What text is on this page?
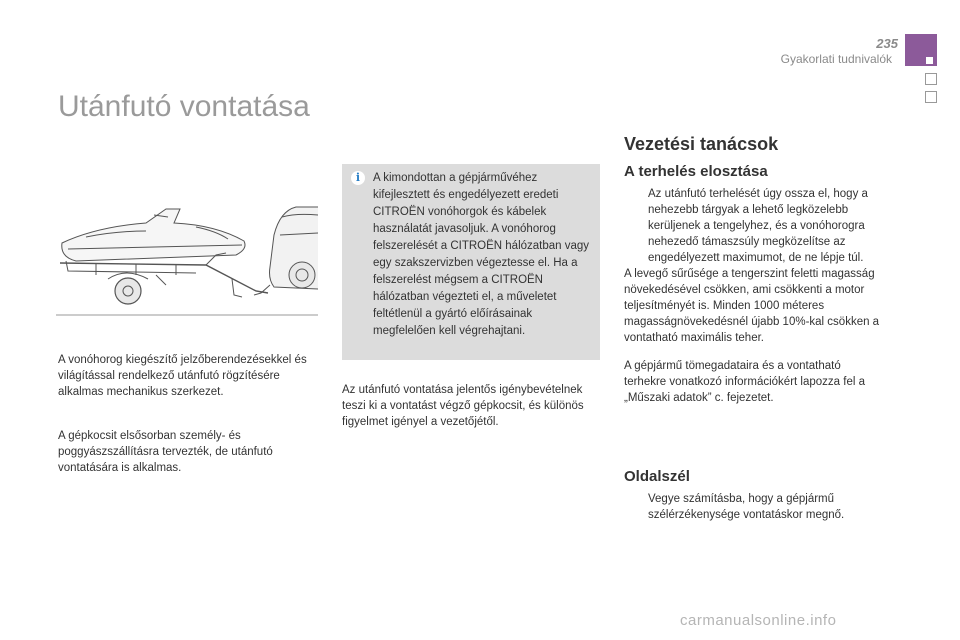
235
Gyakorlati tudnivalók
Utánfutó vontatása
A vonóhorog kiegészítő jelzőberendezésekkel és világítással rendelkező utánfutó rögzítésére alkalmas mechanikus szerkezet.
A gépkocsit elsősorban személy- és poggyászszállításra tervezték, de utánfutó vontatására is alkalmas.
i	A kimondottan a gépjárművéhez kifejlesztett és engedélyezett eredeti CITROËN vonóhorgok és kábelek használatát javasoljuk. A vonóhorog felszerelését a CITROËN hálózatban vagy egy szakszervizben végeztesse el. Ha a felszerelést mégsem a CITROËN hálózatban végezteti el, a műveletet feltétlenül a gyártó előírásainak megfelelően kell végrehajtani.
Az utánfutó vontatása jelentős igénybevételnek teszi ki a vontatást végző gépkocsit, és különös figyelmet igényel a vezetőjétől.
Vezetési tanácsok
A terhelés elosztása
Az utánfutó terhelését úgy ossza el, hogy a nehezebb tárgyak a lehető legközelebb kerüljenek a tengelyhez, és a vonóhorogra nehezedő támaszsúly megközelítse az engedélyezett maximumot, de ne lépje túl.
A levegő sűrűsége a tengerszint feletti magasság növekedésével csökken, ami csökkenti a motor teljesítményét is. Minden 1000 méteres magasságnövekedésnél újabb 10%-kal csökken a vontatható maximális teher.
A gépjármű tömegadataira és a vontatható terhekre vonatkozó információkért lapozza fel a „Műszaki adatok” c. fejezetet.
Oldalszél
Vegye számításba, hogy a gépjármű szélérzékenysége vontatáskor megnő.
carmanualsonline.info
